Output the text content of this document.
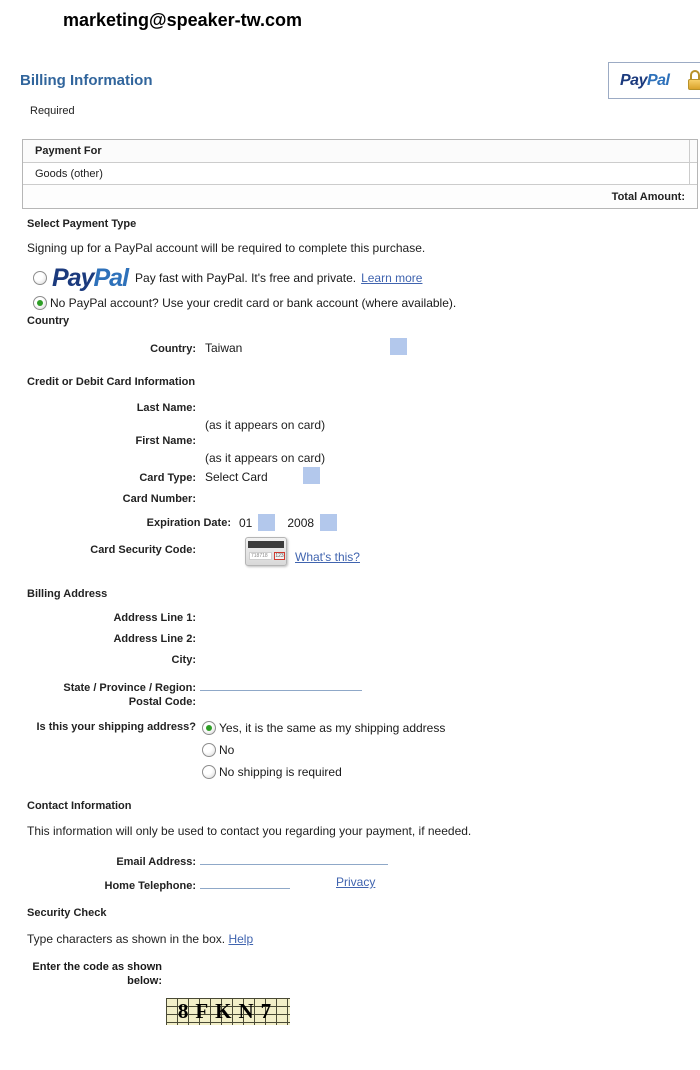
marketing@speaker-tw.com
Billing Information	PayPal
Required
Payment For
Goods (other)
Total Amount:
Select Payment Type
Signing up for a PayPal account will be required to complete this purchase.
PayPal Pay fast with PayPal. It's free and private. Learn more
No PayPal account? Use your credit card or bank account (where available).
Country
Country: Taiwan
Credit or Debit Card Information
Last Name:
(as it appears on card)
First Name:
(as it appears on card)
Card Type: Select Card
Card Number:
Expiration Date: 01	2008
Card Security Code:	718718	123 What's this?
Billing Address
Address Line 1:
Address Line 2:
City:
State / Province / Region:
Postal Code:
Is this your shipping address? Yes, it is the same as my shipping address
No
No shipping is required
Contact Information
This information will only be used to contact you regarding your payment, if needed.
Email Address:
Home Telephone:	Privacy
Security Check
Type characters as shown in the box. Help
Enter the code as shown below:
8FKN7
